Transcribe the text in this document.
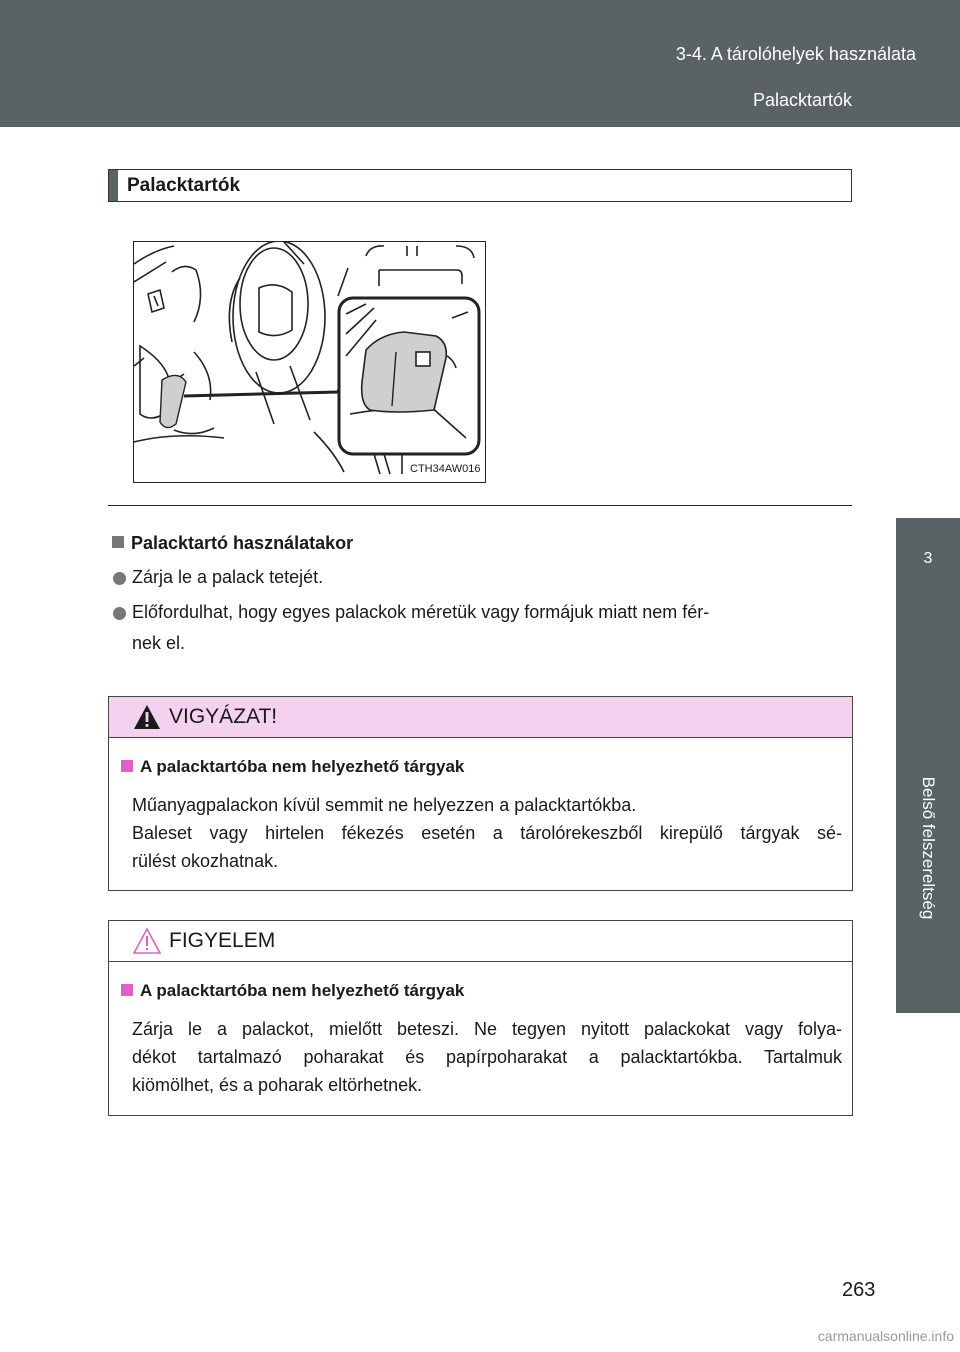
3-4. A tárolóhelyek használata
Palacktartók
3
Belső felszereltség
Palacktartók
CTH34AW016
Palacktartó használatakor
Zárja le a palack tetejét.
Előfordulhat, hogy egyes palackok méretük vagy formájuk miatt nem fér-
nek el.
VIGYÁZAT!
A palacktartóba nem helyezhető tárgyak
Műanyagpalackon kívül semmit ne helyezzen a palacktartókba.
Baleset vagy hirtelen fékezés esetén a tárolórekeszből kirepülő tárgyak sé-
rülést okozhatnak.
FIGYELEM
A palacktartóba nem helyezhető tárgyak
Zárja le a palackot, mielőtt beteszi. Ne tegyen nyitott palackokat vagy folya-
dékot tartalmazó poharakat és papírpoharakat a palacktartókba. Tartalmuk
kiömölhet, és a poharak eltörhetnek.
263
carmanualsonline.info
